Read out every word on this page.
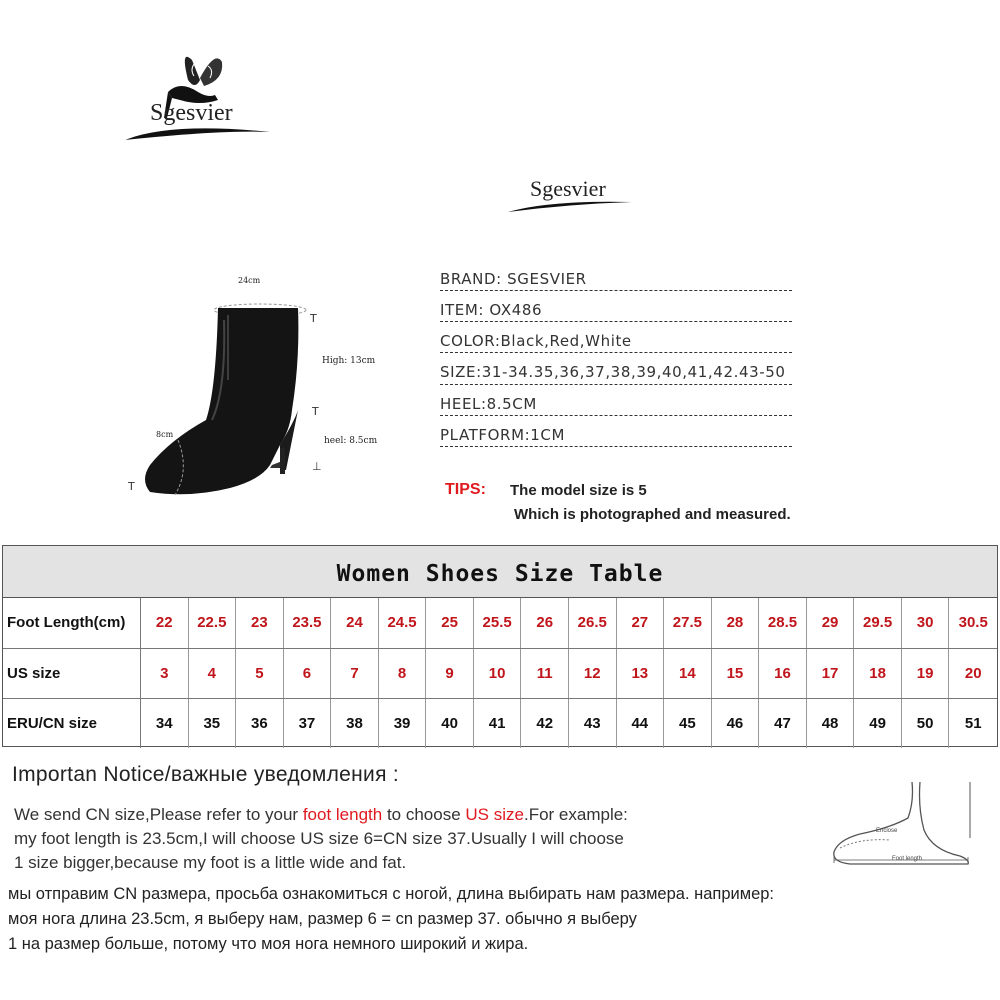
Sgesvier
Sgesvier
T
T
⊥
T
24cm
High: 13cm
heel: 8.5cm
8cm
BRAND: SGESVIER
ITEM: OX486
COLOR:Black,Red,White
SIZE:31-34.35,36,37,38,39,40,41,42.43-50
HEEL:8.5CM
PLATFORM:1CM
TIPS: The model size is 5
Which is photographed and measured.
Women Shoes Size Table
Foot Length(cm)	22	22.5	23	23.5	24	24.5	25	25.5	26	26.5	27	27.5	28	28.5	29	29.5	30	30.5
US size	3	4	5	6	7	8	9	10	11	12	13	14	15	16	17	18	19	20
ERU/CN size	34	35	36	37	38	39	40	41	42	43	44	45	46	47	48	49	50	51
Importan Notice/важные уведомления :
We send CN size,Please refer to your foot length to choose US size.For example:
my foot length is 23.5cm,I will choose US size 6=CN size 37.Usually I will choose
1 size bigger,because my foot is a little wide and fat.
мы отправим CN размера, просьба ознакомиться с ногой, длина выбирать нам размера. например:
моя нога длина 23.5cm, я выберу нам, размер 6 = cn размер 37. обычно я выберу
1 на размер больше, потому что моя нога немного широкий и жира.
Enclose
Foot length
